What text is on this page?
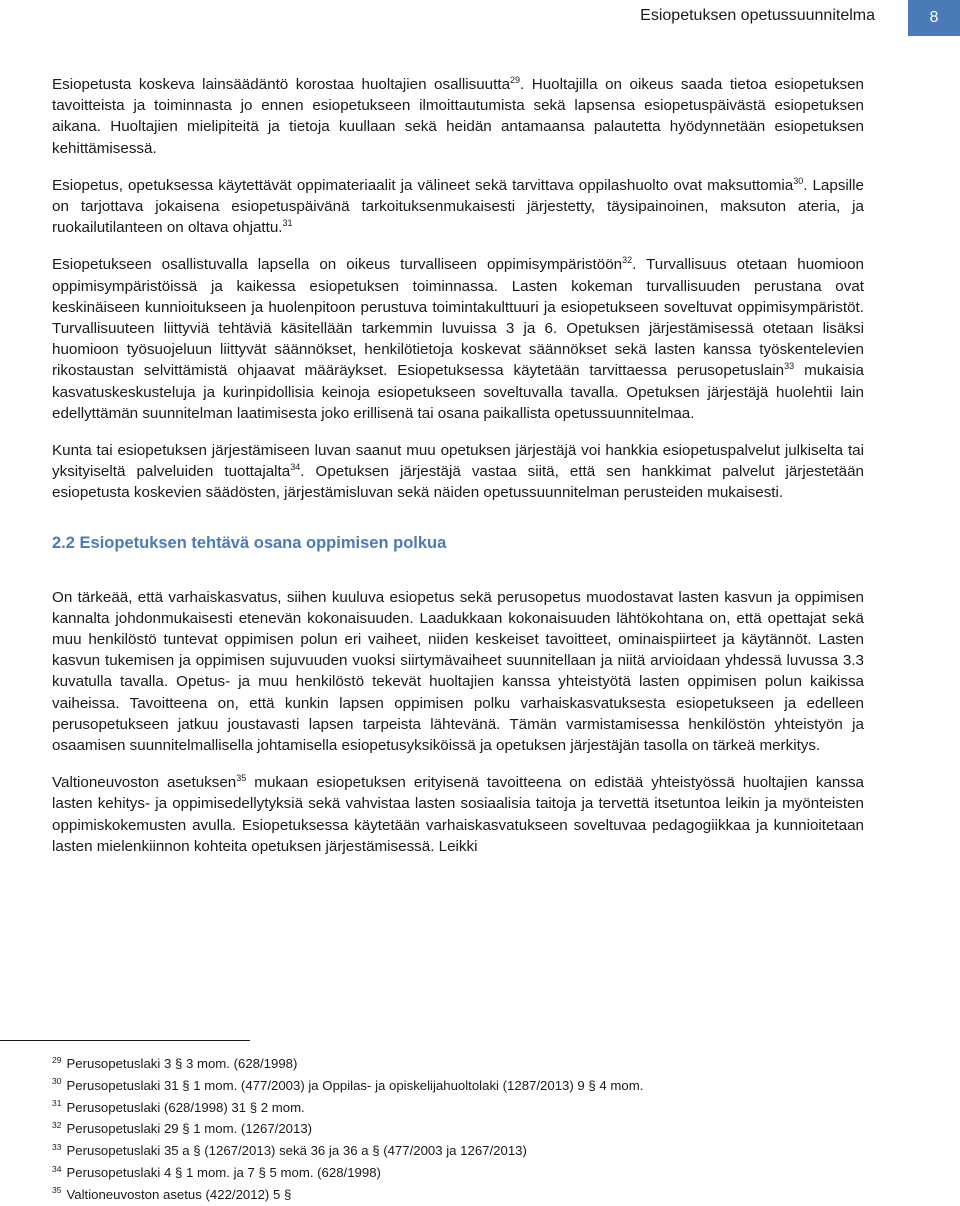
Esiopetuksen opetussuunnitelma	8

Esiopetusta koskeva lainsäädäntö korostaa huoltajien osallisuutta$^{29}$. Huoltajilla on oikeus saada tietoa esiopetuksen tavoitteista ja toiminnasta jo ennen esiopetukseen ilmoittautumista sekä lapsensa esiopetuspäivästä esiopetuksen aikana. Huoltajien mielipiteitä ja tietoja kuullaan sekä heidän antamaansa palautetta hyödynnetään esiopetuksen kehittämisessä.

Esiopetus, opetuksessa käytettävät oppimateriaalit ja välineet sekä tarvittava oppilashuolto ovat maksuttomia$^{30}$. Lapsille on tarjottava jokaisena esiopetuspäivänä tarkoituksenmukaisesti järjestetty, täysipainoinen, maksuton ateria, ja ruokailutilanteen on oltava ohjattu.$^{31}$

Esiopetukseen osallistuvalla lapsella on oikeus turvalliseen oppimisympäristöön$^{32}$. Turvallisuus otetaan huomioon oppimisympäristöissä ja kaikessa esiopetuksen toiminnassa. Lasten kokeman turvallisuuden perustana ovat keskinäiseen kunnioitukseen ja huolenpitoon perustuva toimintakulttuuri ja esiopetukseen soveltuvat oppimisympäristöt. Turvallisuuteen liittyviä tehtäviä käsitellään tarkemmin luvuissa 3 ja 6. Opetuksen järjestämisessä otetaan lisäksi huomioon työsuojeluun liittyvät säännökset, henkilötietoja koskevat säännökset sekä lasten kanssa työskentelevien rikostaustan selvittämistä ohjaavat määräykset. Esiopetuksessa käytetään tarvittaessa perusopetuslain$^{33}$ mukaisia kasvatuskeskusteluja ja kurinpidollisia keinoja esiopetukseen soveltuvalla tavalla. Opetuksen järjestäjä huolehtii lain edellyttämän suunnitelman laatimisesta joko erillisenä tai osana paikallista opetussuunnitelmaa.

Kunta tai esiopetuksen järjestämiseen luvan saanut muu opetuksen järjestäjä voi hankkia esiopetuspalvelut julkiselta tai yksityiseltä palveluiden tuottajalta$^{34}$. Opetuksen järjestäjä vastaa siitä, että sen hankkimat palvelut järjestetään esiopetusta koskevien säädösten, järjestämisluvan sekä näiden opetussuunnitelman perusteiden mukaisesti.

2.2 Esiopetuksen tehtävä osana oppimisen polkua

On tärkeää, että varhaiskasvatus, siihen kuuluva esiopetus sekä perusopetus muodostavat lasten kasvun ja oppimisen kannalta johdonmukaisesti etenevän kokonaisuuden. Laadukkaan kokonaisuuden lähtökohtana on, että opettajat sekä muu henkilöstö tuntevat oppimisen polun eri vaiheet, niiden keskeiset tavoitteet, ominaispiirteet ja käytännöt. Lasten kasvun tukemisen ja oppimisen sujuvuuden vuoksi siirtymävaiheet suunnitellaan ja niitä arvioidaan yhdessä luvussa 3.3 kuvatulla tavalla. Opetus- ja muu henkilöstö tekevät huoltajien kanssa yhteistyötä lasten oppimisen polun kaikissa vaiheissa. Tavoitteena on, että kunkin lapsen oppimisen polku varhaiskasvatuksesta esiopetukseen ja edelleen perusopetukseen jatkuu joustavasti lapsen tarpeista lähtevänä. Tämän varmistamisessa henkilöstön yhteistyön ja osaamisen suunnitelmallisella johtamisella esiopetusyksiköissä ja opetuksen järjestäjän tasolla on tärkeä merkitys.

Valtioneuvoston asetuksen$^{35}$ mukaan esiopetuksen erityisenä tavoitteena on edistää yhteistyössä huoltajien kanssa lasten kehitys- ja oppimisedellytyksiä sekä vahvistaa lasten sosiaalisia taitoja ja tervettä itsetuntoa leikin ja myönteisten oppimiskokemusten avulla. Esiopetuksessa käytetään varhaiskasvatukseen soveltuvaa pedagogiikkaa ja kunnioitetaan lasten mielenkiinnon kohteita opetuksen järjestämisessä. Leikki

$^{29}$ Perusopetuslaki 3 § 3 mom. (628/1998)
$^{30}$ Perusopetuslaki 31 § 1 mom. (477/2003) ja Oppilas- ja opiskelijahuoltolaki (1287/2013) 9 § 4 mom.
$^{31}$ Perusopetuslaki (628/1998) 31 § 2 mom.
$^{32}$ Perusopetuslaki 29 § 1 mom. (1267/2013)
$^{33}$ Perusopetuslaki 35 a § (1267/2013) sekä 36 ja 36 a § (477/2003 ja 1267/2013)
$^{34}$ Perusopetuslaki 4 § 1 mom. ja 7 § 5 mom. (628/1998)
$^{35}$ Valtioneuvoston asetus (422/2012) 5 §
